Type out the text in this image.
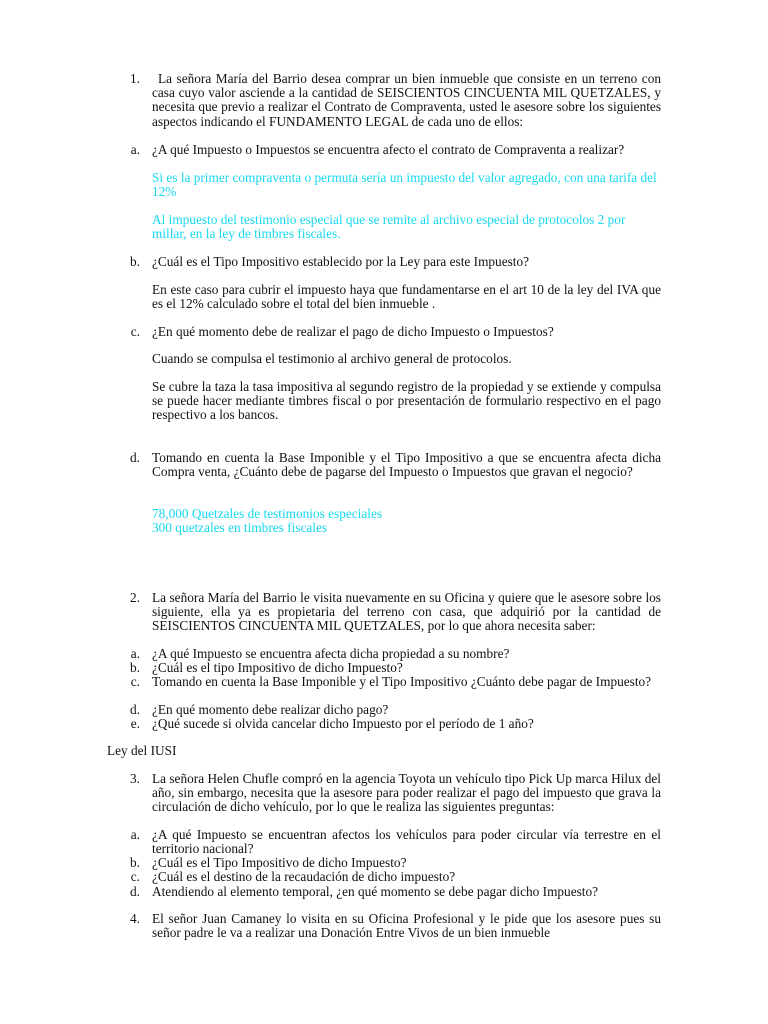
1.	La señora María del Barrio desea comprar un bien inmueble que consiste en un terreno con casa cuyo valor asciende a la cantidad de SEISCIENTOS CINCUENTA MIL QUETZALES, y necesita que previo a realizar el Contrato de Compraventa, usted le asesore sobre los siguientes aspectos indicando el FUNDAMENTO LEGAL de cada uno de ellos:
a. ¿A qué Impuesto o Impuestos se encuentra afecto el contrato de Compraventa a realizar?
Si es la primer compraventa o permuta sería un impuesto del valor agregado, con una tarifa del 12%
Al impuesto del testimonio especial que se remite al archivo especial de protocolos 2 por millar, en la ley de timbres fiscales.
b. ¿Cuál es el Tipo Impositivo establecido por la Ley para este Impuesto?
En este caso para cubrir el impuesto haya que fundamentarse en el art 10 de la ley del IVA que es el 12% calculado sobre el total del bien inmueble .
c. ¿En qué momento debe de realizar el pago de dicho Impuesto o Impuestos?
Cuando se compulsa el testimonio al archivo general de protocolos.
Se cubre la taza la tasa impositiva al segundo registro de la propiedad y se extiende y compulsa se puede hacer mediante timbres fiscal o por presentación de formulario respectivo en el pago respectivo a los bancos.
d. Tomando en cuenta la Base Imponible y el Tipo Impositivo a que se encuentra afecta dicha Compra venta, ¿Cuánto debe de pagarse del Impuesto o Impuestos que gravan el negocio?
78,000 Quetzales de testimonios especiales
300 quetzales en timbres fiscales
2. La señora María del Barrio le visita nuevamente en su Oficina y quiere que le asesore sobre los siguiente, ella ya es propietaria del terreno con casa, que adquirió por la cantidad de SEISCIENTOS CINCUENTA MIL QUETZALES, por lo que ahora necesita saber:
a. ¿A qué Impuesto se encuentra afecta dicha propiedad a su nombre?
b. ¿Cuál es el tipo Impositivo de dicho Impuesto?
c. Tomando en cuenta la Base Imponible y el Tipo Impositivo ¿Cuánto debe pagar de Impuesto?
d. ¿En qué momento debe realizar dicho pago?
e. ¿Qué sucede si olvida cancelar dicho Impuesto por el período de 1 año?
Ley del IUSI
3. La señora Helen Chufle compró en la agencia Toyota un vehículo tipo Pick Up marca Hilux del año, sin embargo, necesita que la asesore para poder realizar el pago del impuesto que grava la circulación de dicho vehículo, por lo que le realiza las siguientes preguntas:
a. ¿A qué Impuesto se encuentran afectos los vehículos para poder circular vía terrestre en el territorio nacional?
b. ¿Cuál es el Tipo Impositivo de dicho Impuesto?
c. ¿Cuál es el destino de la recaudación de dicho impuesto?
d. Atendiendo al elemento temporal, ¿en qué momento se debe pagar dicho Impuesto?
4. El señor Juan Camaney lo visita en su Oficina Profesional y le pide que los asesore pues su señor padre le va a realizar una Donación Entre Vivos de un bien inmueble
